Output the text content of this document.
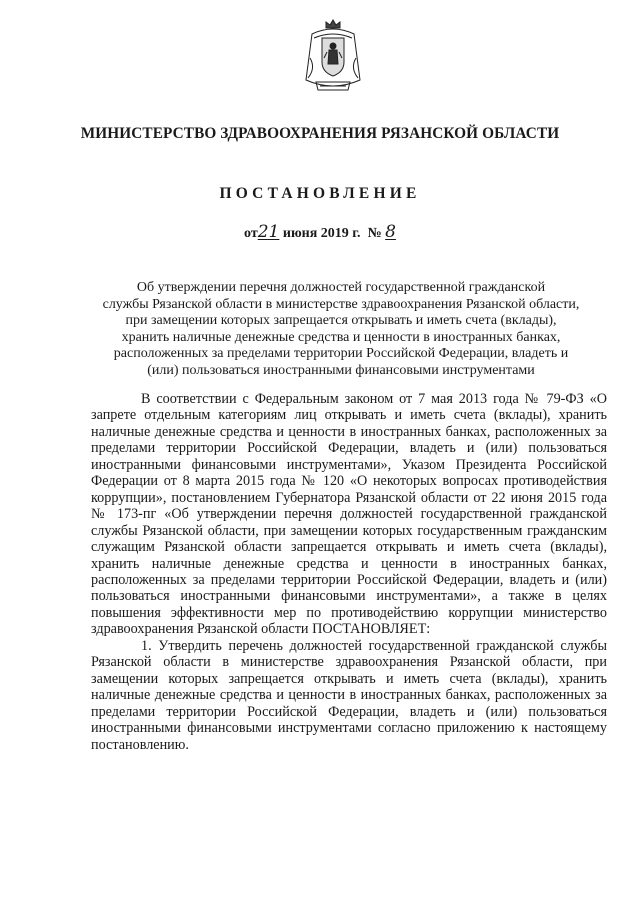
МИНИСТЕРСТВО ЗДРАВООХРАНЕНИЯ РЯЗАНСКОЙ ОБЛАСТИ
ПОСТАНОВЛЕНИЕ
от21 июня 2019 г. № 8
Об утверждении перечня должностей государственной гражданской
службы Рязанской области в министерстве здравоохранения Рязанской области,
при замещении которых запрещается открывать и иметь счета (вклады),
хранить наличные денежные средства и ценности в иностранных банках,
расположенных за пределами территории Российской Федерации, владеть и
(или) пользоваться иностранными финансовыми инструментами

В соответствии с Федеральным законом от 7 мая 2013 года № 79-ФЗ «О запрете отдельным категориям лиц открывать и иметь счета (вклады), хранить наличные денежные средства и ценности в иностранных банках, расположенных за пределами территории Российской Федерации, владеть и (или) пользоваться иностранными финансовыми инструментами», Указом Президента Российской Федерации от 8 марта 2015 года № 120 «О некоторых вопросах противодействия коррупции», постановлением Губернатора Рязанской области от 22 июня 2015 года № 173-пг «Об утверждении перечня должностей государственной гражданской службы Рязанской области, при замещении которых государственным гражданским служащим Рязанской области запрещается открывать и иметь счета (вклады), хранить наличные денежные средства и ценности в иностранных банках, расположенных за пределами территории Российской Федерации, владеть и (или) пользоваться иностранными финансовыми инструментами», а также в целях повышения эффективности мер по противодействию коррупции министерство здравоохранения Рязанской области ПОСТАНОВЛЯЕТ:

1. Утвердить перечень должностей государственной гражданской службы Рязанской области в министерстве здравоохранения Рязанской области, при замещении которых запрещается открывать и иметь счета (вклады), хранить наличные денежные средства и ценности в иностранных банках, расположенных за пределами территории Российской Федерации, владеть и (или) пользоваться иностранными финансовыми инструментами согласно приложению к настоящему постановлению.
